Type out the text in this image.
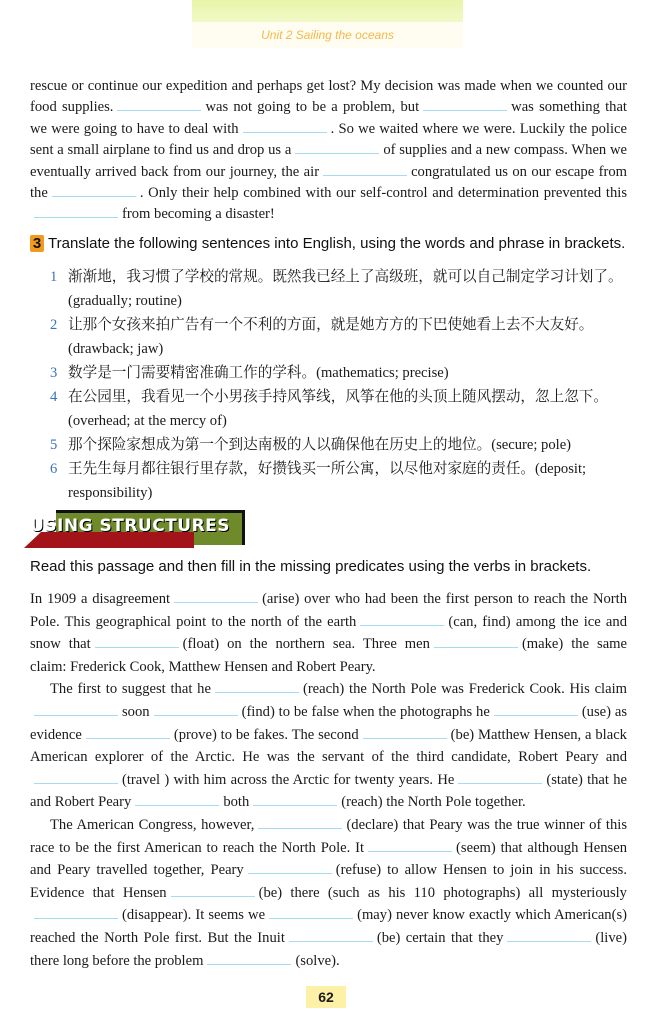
Unit 2 Sailing the oceans
rescue or continue our expedition and perhaps get lost? My decision was made when we counted our food supplies.	was not going to be a problem, but	was something that we were going to have to deal with	. So we waited where we were. Luckily the police sent a small airplane to find us and drop us a	of supplies and a new compass. When we eventually arrived back from our journey, the air	congratulated us on our escape from the	. Only their help combined with our self-control and determination prevented thisfrom becoming a disaster!
3 Translate the following sentences into English, using the words and phrase in brackets.
1 渐渐地，我习惯了学校的常规。既然我已经上了高级班，就可以自己制定学习计划了。(gradually; routine)
2 让那个女孩来拍广告有一个不利的方面，就是她方方的下巴使她看上去不大友好。(drawback; jaw)
3 数学是一门需要精密准确工作的学科。(mathematics; precise)
4 在公园里，我看见一个小男孩手持风筝线，风筝在他的头顶上随风摆动，忽上忽下。(overhead; at the mercy of)
5 那个探险家想成为第一个到达南极的人以确保他在历史上的地位。(secure; pole)
6 王先生每月都往银行里存款，好攒钱买一所公寓，以尽他对家庭的责任。(deposit; responsibility)
USING STRUCTURES
Read this passage and then fill in the missing predicates using the verbs in brackets.
In 1909 a disagreement	(arise) over who had been the first person to reach the North Pole. This geographical point to the north of the earth	(can, find) among the ice and snow that	(float) on the northern sea. Three men	(make) the same claim: Frederick Cook, Matthew Hensen and Robert Peary.
The first to suggest that he	(reach) the North Pole was Frederick Cook. His claimsoon	(find) to be false when the photographs he	(use) as evidence	(prove) to be fakes. The second	(be) Matthew Hensen, a black American explorer of the Arctic. He was the servant of the third candidate, Robert Peary and(travel ) with him across the Arctic for twenty years. He	(state) that he and Robert Peary	both	(reach) the North Pole together.
The American Congress, however,	(declare) that Peary was the true winner of this race to be the first American to reach the North Pole. It	(seem) that although Hensen and Peary travelled together, Peary	(refuse) to allow Hensen to join in his success. Evidence that Hensen	(be) there (such as his 110 photographs) all mysteriously(disappear). It seems we	(may) never know exactly which American(s) reached the North Pole first. But the Inuit	(be) certain that they	(live) there long before the problem	(solve).
62
